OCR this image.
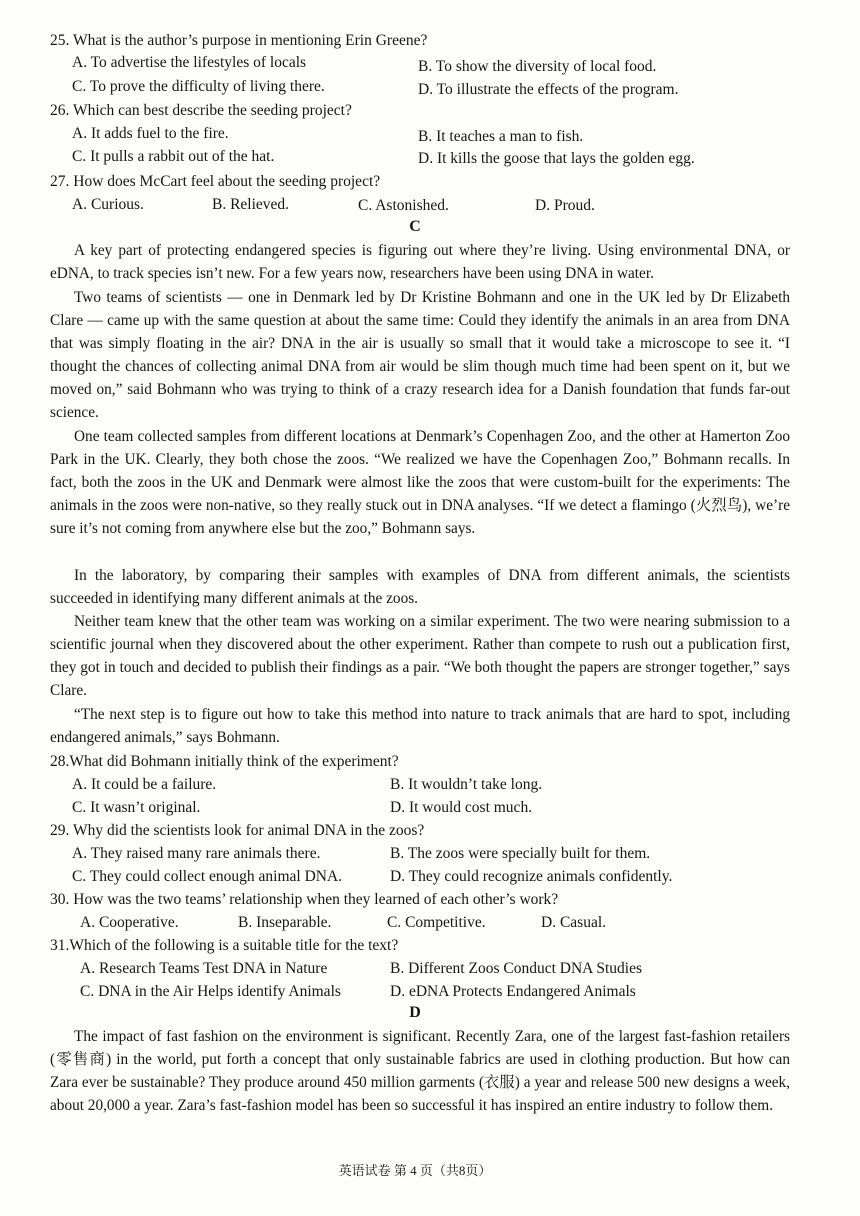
25. What is the author’s purpose in mentioning Erin Greene?
A. To advertise the lifestyles of locals	B. To show the diversity of local food.
C. To prove the difficulty of living there.	D. To illustrate the effects of the program.
26. Which can best describe the seeding project?
A. It adds fuel to the fire.	B. It teaches a man to fish.
C. It pulls a rabbit out of the hat.	D. It kills the goose that lays the golden egg.
27. How does McCart feel about the seeding project?
A. Curious.	B. Relieved.	C. Astonished.	D. Proud.
C
A key part of protecting endangered species is figuring out where they’re living. Using environmental DNA, or eDNA, to track species isn’t new. For a few years now, researchers have been using DNA in water.
Two teams of scientists — one in Denmark led by Dr Kristine Bohmann and one in the UK led by Dr Elizabeth Clare — came up with the same question at about the same time: Could they identify the animals in an area from DNA that was simply floating in the air? DNA in the air is usually so small that it would take a microscope to see it. “I thought the chances of collecting animal DNA from air would be slim though much time had been spent on it, but we moved on,” said Bohmann who was trying to think of a crazy research idea for a Danish foundation that funds far-out science.
One team collected samples from different locations at Denmark’s Copenhagen Zoo, and the other at Hamerton Zoo Park in the UK. Clearly, they both chose the zoos. “We realized we have the Copenhagen Zoo,” Bohmann recalls. In fact, both the zoos in the UK and Denmark were almost like the zoos that were custom-built for the experiments: The animals in the zoos were non-native, so they really stuck out in DNA analyses. “If we detect a flamingo (火烈鸟), we’re sure it’s not coming from anywhere else but the zoo,” Bohmann says.
In the laboratory, by comparing their samples with examples of DNA from different animals, the scientists succeeded in identifying many different animals at the zoos.
Neither team knew that the other team was working on a similar experiment. The two were nearing submission to a scientific journal when they discovered about the other experiment. Rather than compete to rush out a publication first, they got in touch and decided to publish their findings as a pair. “We both thought the papers are stronger together,” says Clare.
“The next step is to figure out how to take this method into nature to track animals that are hard to spot, including endangered animals,” says Bohmann.
28.What did Bohmann initially think of the experiment?
A. It could be a failure.	B. It wouldn’t take long.
C. It wasn’t original.	D. It would cost much.
29. Why did the scientists look for animal DNA in the zoos?
A. They raised many rare animals there.	B. The zoos were specially built for them.
C. They could collect enough animal DNA.	D. They could recognize animals confidently.
30. How was the two teams’ relationship when they learned of each other’s work?
A. Cooperative.	B. Inseparable.	C. Competitive.	D. Casual.
31.Which of the following is a suitable title for the text?
A. Research Teams Test DNA in Nature	B. Different Zoos Conduct DNA Studies
C. DNA in the Air Helps identify Animals	D. eDNA Protects Endangered Animals
D
The impact of fast fashion on the environment is significant. Recently Zara, one of the largest fast-fashion retailers (零售商) in the world, put forth a concept that only sustainable fabrics are used in clothing production. But how can Zara ever be sustainable? They produce around 450 million garments (衣服) a year and release 500 new designs a week, about 20,000 a year. Zara’s fast-fashion model has been so successful it has inspired an entire industry to follow them.
英语试卷 第 4 页（共8页）
